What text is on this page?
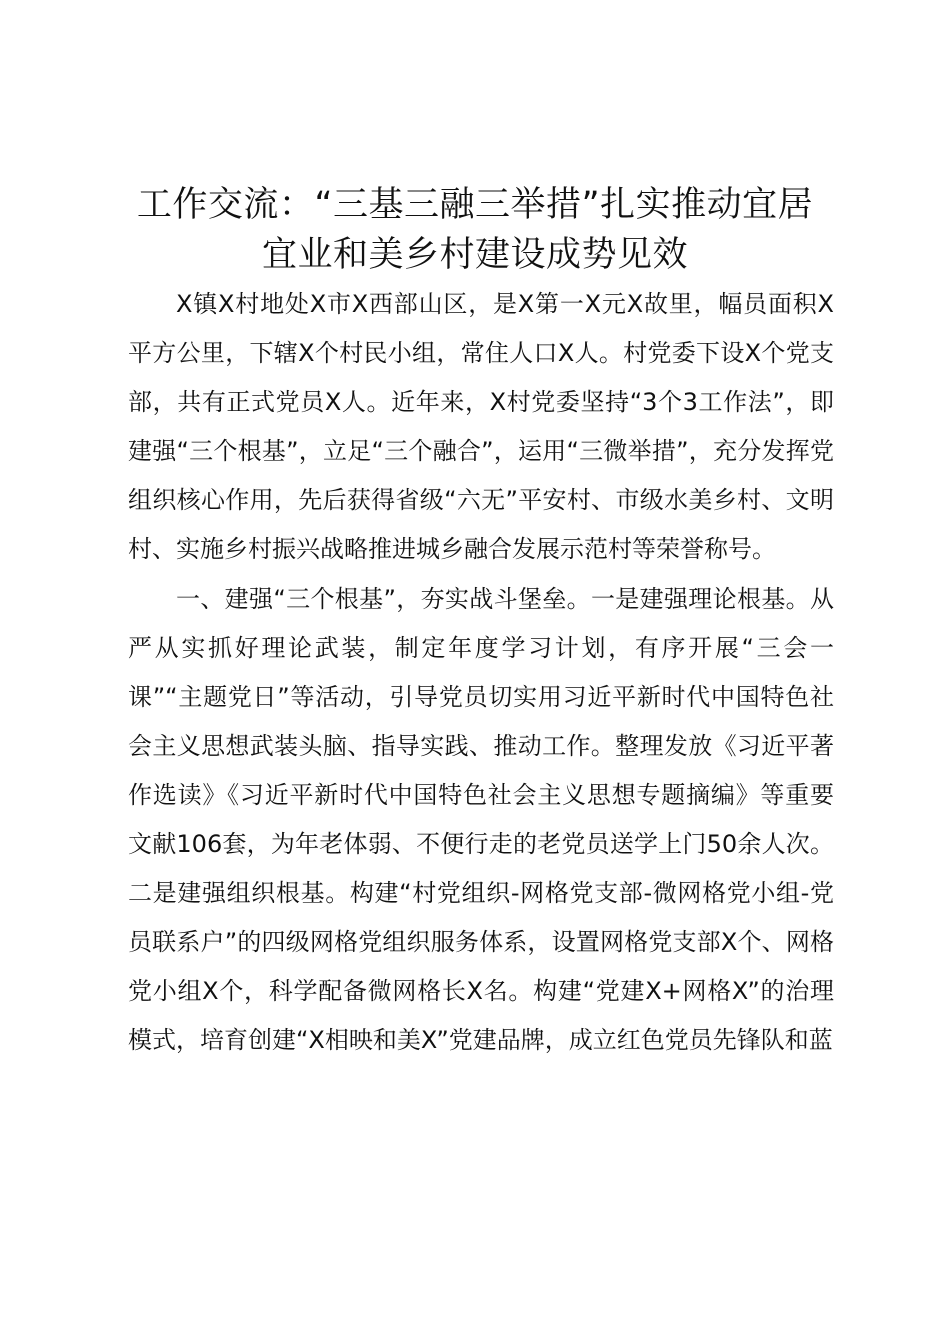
工作交流：“三基三融三举措”扎实推动宜居
宜业和美乡村建设成势见效

X镇X村地处X市X西部山区，是X第一X元X故里，幅员面积X平方公里，下辖X个村民小组，常住人口X人。村党委下设X个党支部，共有正式党员X人。近年来，X村党委坚持“3个3工作法”，即建强“三个根基”，立足“三个融合”，运用“三微举措”，充分发挥党组织核心作用，先后获得省级“六无”平安村、市级水美乡村、文明村、实施乡村振兴战略推进城乡融合发展示范村等荣誉称号。

一、建强“三个根基”，夯实战斗堡垒。一是建强理论根基。从严从实抓好理论武装，制定年度学习计划，有序开展“三会一课”“主题党日”等活动，引导党员切实用习近平新时代中国特色社会主义思想武装头脑、指导实践、推动工作。整理发放《习近平著作选读》《习近平新时代中国特色社会主义思想专题摘编》等重要文献106套，为年老体弱、不便行走的老党员送学上门50余人次。二是建强组织根基。构建“村党组织-网格党支部-微网格党小组-党员联系户”的四级网格党组织服务体系，设置网格党支部X个、网格党小组X个，科学配备微网格长X名。构建“党建X+网格X”的治理模式，培育创建“X相映和美X”党建品牌，成立红色党员先锋队和蓝
